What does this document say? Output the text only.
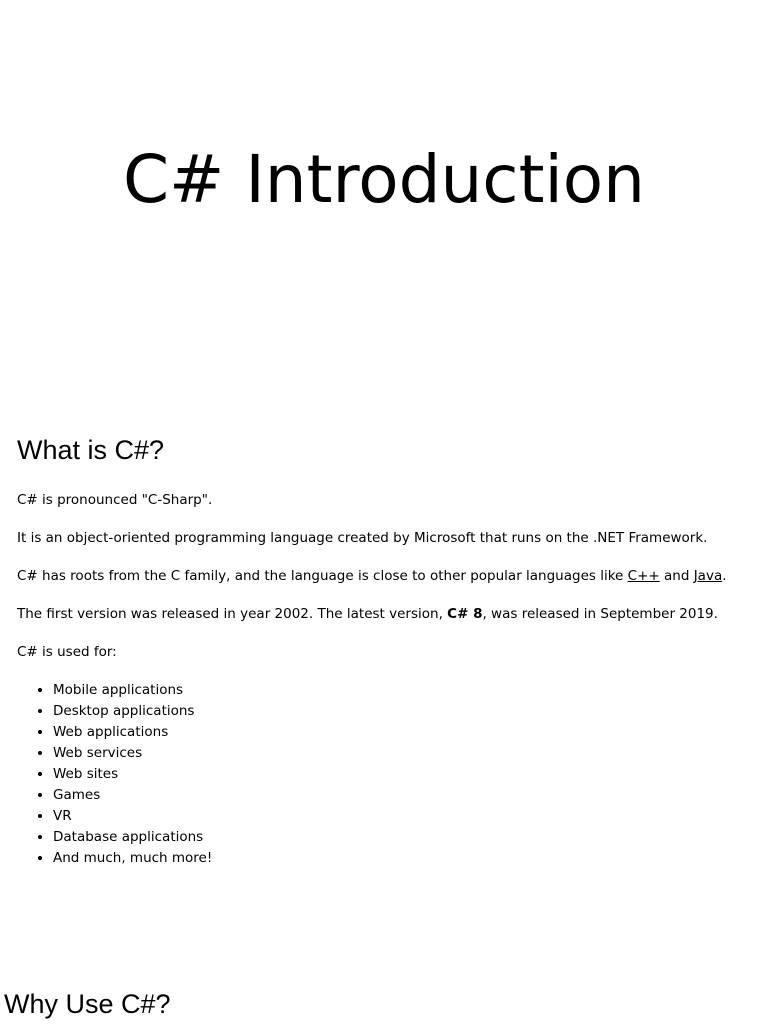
C# Introduction
What is C#?

C# is pronounced "C-Sharp".

It is an object-oriented programming language created by Microsoft that runs on the .NET Framework.

C# has roots from the C family, and the language is close to other popular languages like C++ and Java.

The first version was released in year 2002. The latest version, C# 8, was released in September 2019.

C# is used for:

• Mobile applications
• Desktop applications
• Web applications
• Web services
• Web sites
• Games
• VR
• Database applications
• And much, much more!
Why Use C#?
